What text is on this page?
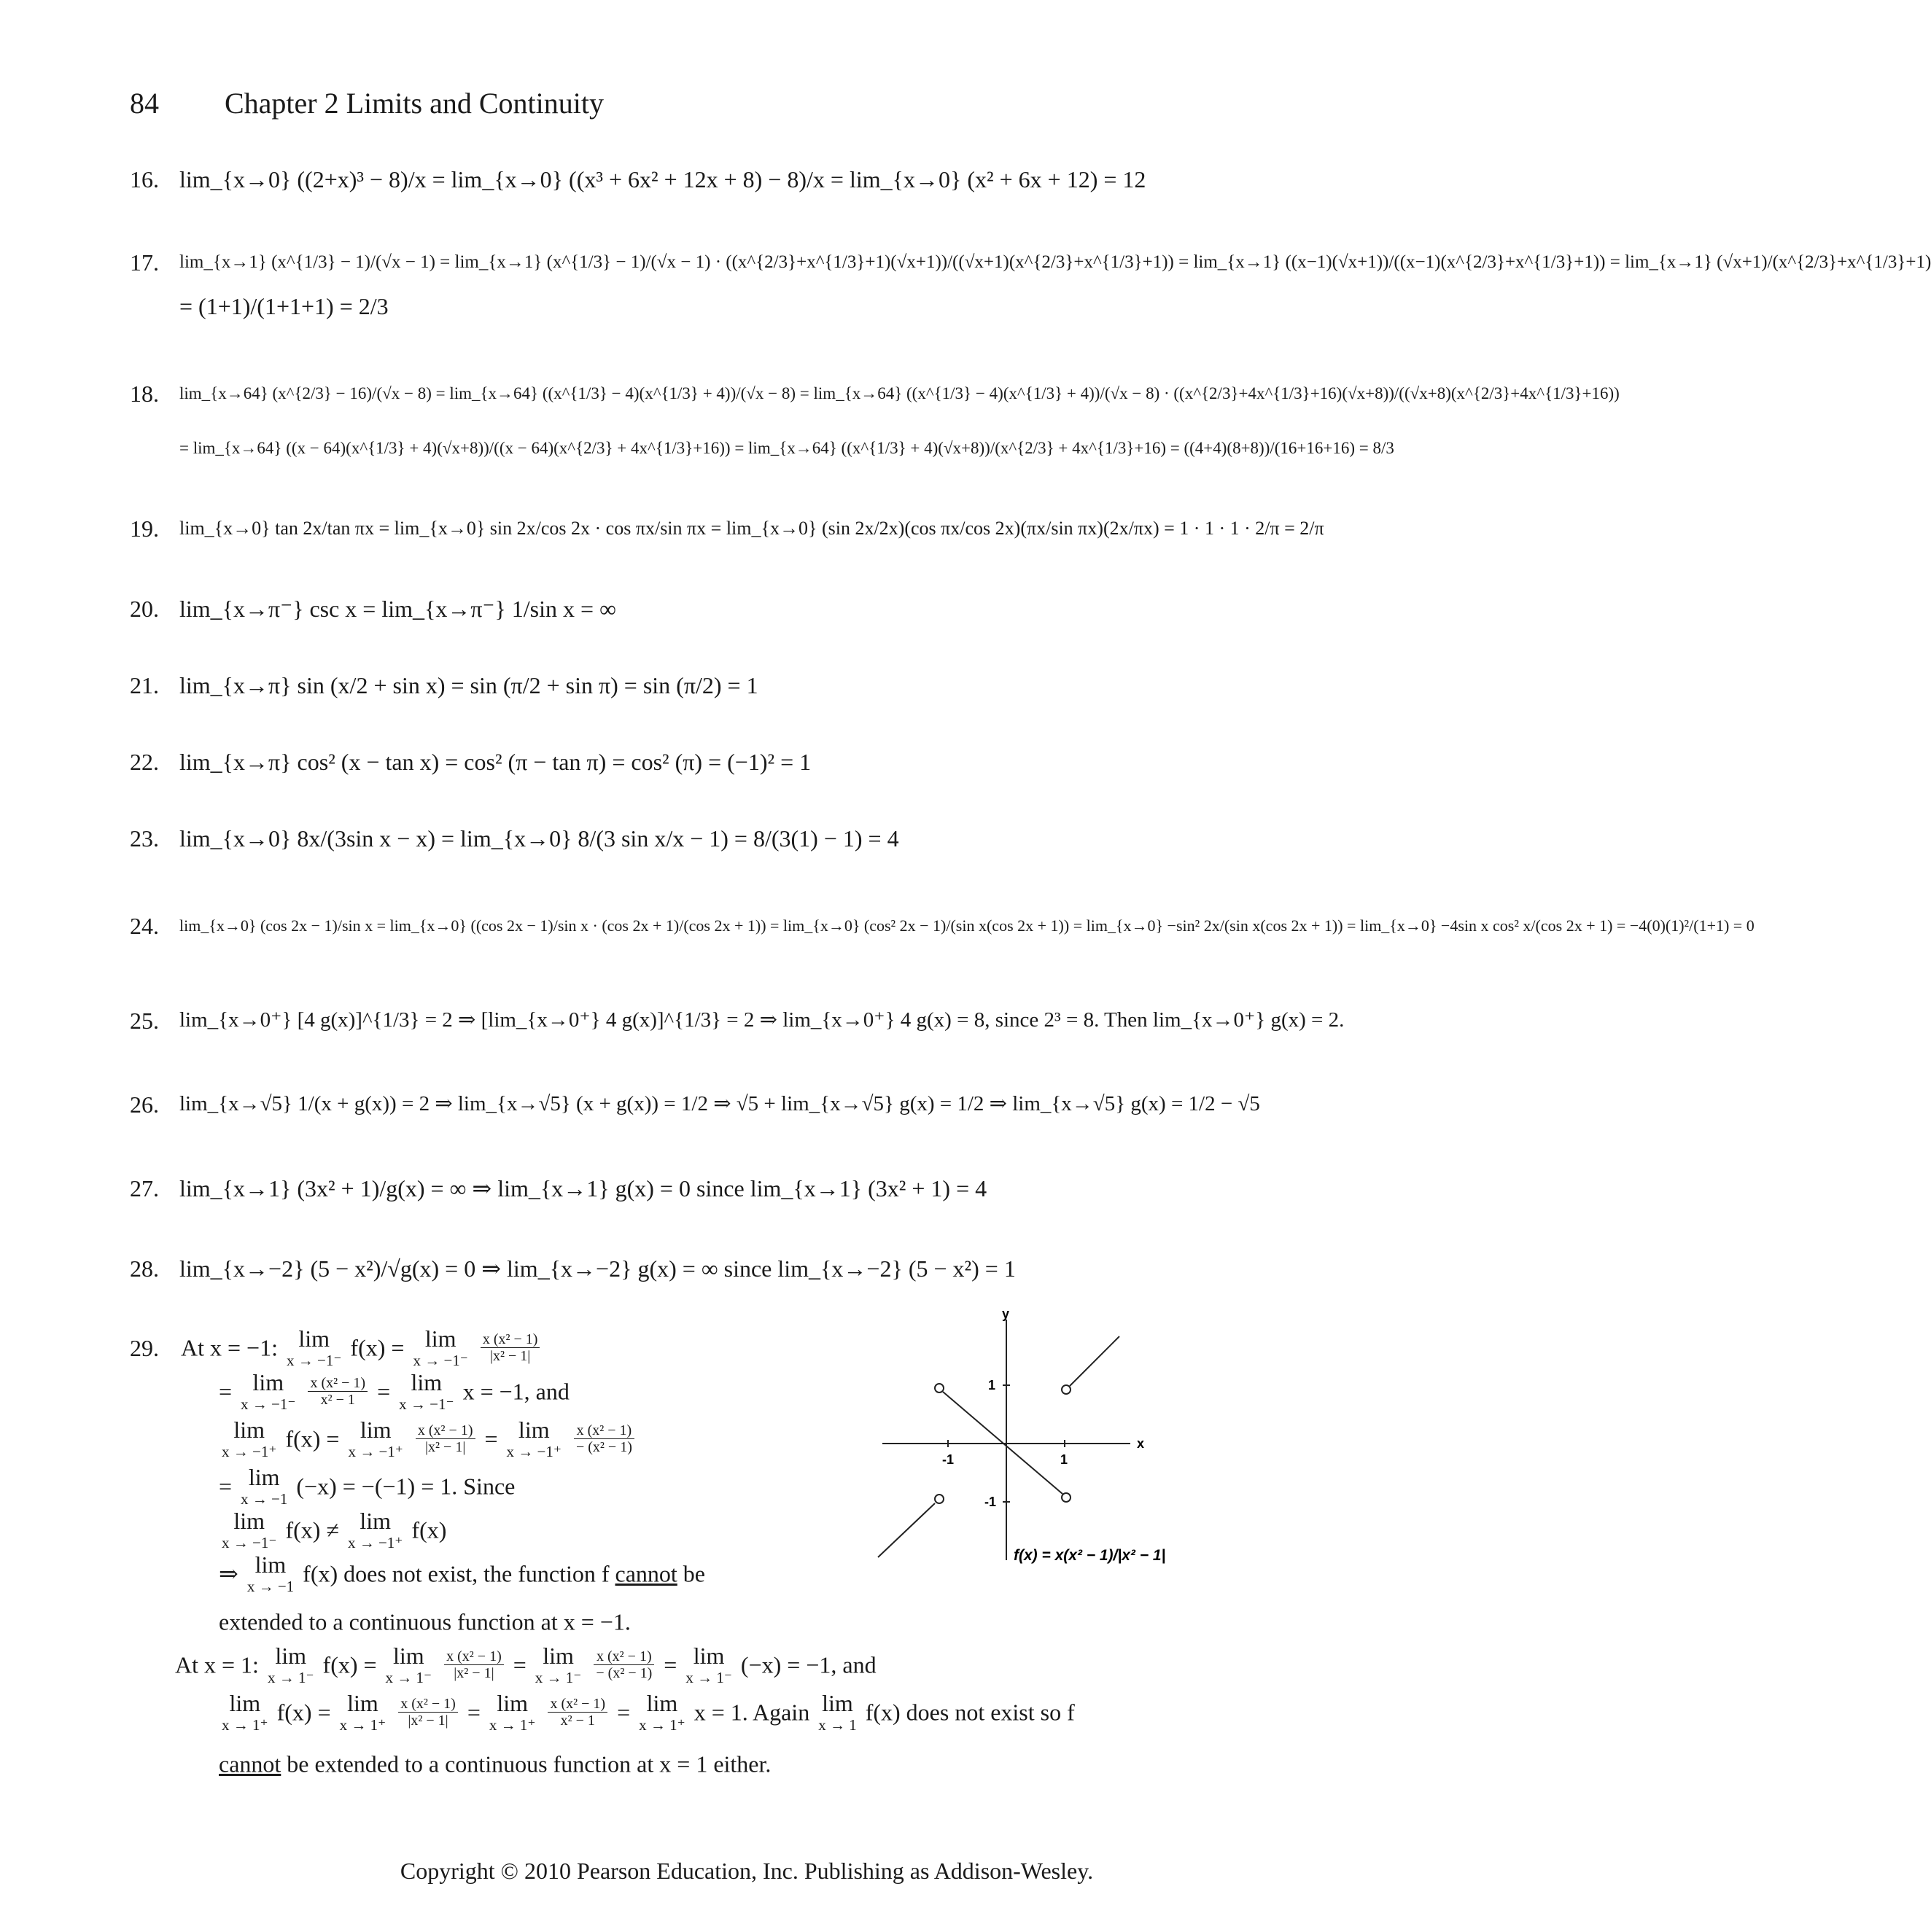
84 Chapter 2 Limits and Continuity
16. lim_{x→0} ((2+x)³ − 8)/x = lim_{x→0} ((x³ + 6x² + 12x + 8) − 8)/x = lim_{x→0} (x² + 6x + 12) = 12
17. lim_{x→1} (x^{1/3} − 1)/(√x − 1) = lim_{x→1} (x^{1/3} − 1)/(√x − 1) · ((x^{2/3}+x^{1/3}+1)(√x+1))/((√x+1)(x^{2/3}+x^{1/3}+1)) = lim_{x→1} ((x−1)(√x+1))/((x−1)(x^{2/3}+x^{1/3}+1)) = lim_{x→1} (√x+1)/(x^{2/3}+x^{1/3}+1)
= (1+1)/(1+1+1) = 2/3
18. lim_{x→64} (x^{2/3} − 16)/(√x − 8) = lim_{x→64} ((x^{1/3} − 4)(x^{1/3} + 4))/(√x − 8) = lim_{x→64} ((x^{1/3} − 4)(x^{1/3} + 4))/(√x − 8) · ((x^{2/3}+4x^{1/3}+16)(√x+8))/((√x+8)(x^{2/3}+4x^{1/3}+16))
= lim_{x→64} ((x − 64)(x^{1/3} + 4)(√x+8))/((x − 64)(x^{2/3} + 4x^{1/3}+16)) = lim_{x→64} ((x^{1/3} + 4)(√x+8))/(x^{2/3} + 4x^{1/3}+16) = ((4+4)(8+8))/(16+16+16) = 8/3
19. lim_{x→0} tan 2x/tan πx = lim_{x→0} sin 2x/cos 2x · cos πx/sin πx = lim_{x→0} (sin 2x/2x)(cos πx/cos 2x)(πx/sin πx)(2x/πx) = 1 · 1 · 1 · 2/π = 2/π
20. lim_{x→π⁻} csc x = lim_{x→π⁻} 1/sin x = ∞
21. lim_{x→π} sin (x/2 + sin x) = sin (π/2 + sin π) = sin (π/2) = 1
22. lim_{x→π} cos² (x − tan x) = cos² (π − tan π) = cos² (π) = (−1)² = 1
23. lim_{x→0} 8x/(3sin x − x) = lim_{x→0} 8/(3 sin x/x − 1) = 8/(3(1) − 1) = 4
24. lim_{x→0} (cos 2x − 1)/sin x = lim_{x→0} ((cos 2x − 1)/sin x · (cos 2x + 1)/(cos 2x + 1)) = lim_{x→0} (cos² 2x − 1)/(sin x(cos 2x + 1)) = lim_{x→0} −sin² 2x/(sin x(cos 2x + 1)) = lim_{x→0} −4sin x cos² x/(cos 2x + 1) = −4(0)(1)²/(1+1) = 0
25. lim_{x→0⁺} [4 g(x)]^{1/3} = 2 ⇒ [lim_{x→0⁺} 4 g(x)]^{1/3} = 2 ⇒ lim_{x→0⁺} 4 g(x) = 8, since 2³ = 8. Then lim_{x→0⁺} g(x) = 2.
26. lim_{x→√5} 1/(x + g(x)) = 2 ⇒ lim_{x→√5} (x + g(x)) = 1/2 ⇒ √5 + lim_{x→√5} g(x) = 1/2 ⇒ lim_{x→√5} g(x) = 1/2 − √5
27. lim_{x→1} (3x² + 1)/g(x) = ∞ ⇒ lim_{x→1} g(x) = 0 since lim_{x→1} (3x² + 1) = 4
28. lim_{x→−2} (5 − x²)/√g(x) = 0 ⇒ lim_{x→−2} g(x) = ∞ since lim_{x→−2} (5 − x²) = 1
29. At x = −1: lim
x → −1⁻ f(x) = lim
x → −1⁻
$\frac{\text{x (x² − 1)}}{\text{|x² − 1|}}$
= lim
x → −1⁻
$\frac{\text{x (x² − 1)}}{\text{x² − 1}} = \lim$
x → −1⁻ x = −1, and
lim
x → −1⁺ f(x) = lim
x → −1⁺
$\frac{\text{x (x² − 1)}}{\text{|x² − 1|}} = \lim$
x → −1⁺
$\frac{\text{x (x² − 1)}}{\text{− (x² − 1)}}$
= lim
x → −1 (−x) = −(−1) = 1. Since
lim
x → −1⁻ f(x) ≠ lim
x → −1⁺ f(x)
⇒ lim
x → −1 f(x) does not exist, the function f cannot be
extended to a continuous function at x = −1.
At x = 1: lim
x → 1⁻ f(x) = lim
x → 1⁻
$\frac{\text{x (x² − 1)}}{\text{|x² − 1|}} = \lim$
x → 1⁻
$\frac{\text{x (x² − 1)}}{\text{− (x² − 1)}} = \lim$
x → 1⁻ (−x) = −1, and
lim
x → 1⁺ f(x) = lim
x → 1⁺
$\frac{\text{x (x² − 1)}}{\text{|x² − 1|}} = \lim$
x → 1⁺
$\frac{\text{x (x² − 1)}}{\text{x² − 1}} = \lim$
x → 1⁺ x = 1. Again lim
x → 1 f(x) does not exist so f
cannot be extended to a continuous function at x = 1 either.
x
y
-1	1
1
-1
f(x) = x(x² − 1)/|x² − 1|
Copyright © 2010 Pearson Education, Inc. Publishing as Addison-Wesley.
